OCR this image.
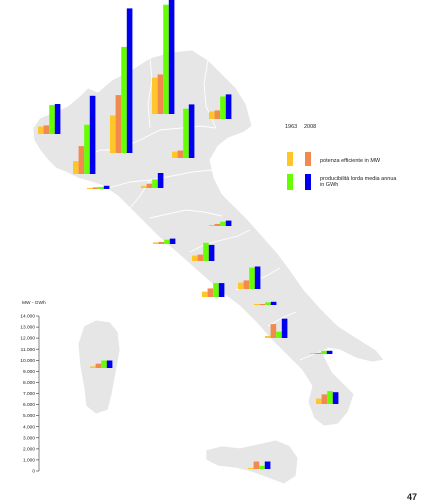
1963 2008
potenza efficiente in MW
producibilità lorda media annua in GWh
MW - GWh
14.000
13.000
12.000
11.000
10.000
9.000
8.000
7.000
6.000
5.000
4.000
3.000
2.000
1.000
0
47
